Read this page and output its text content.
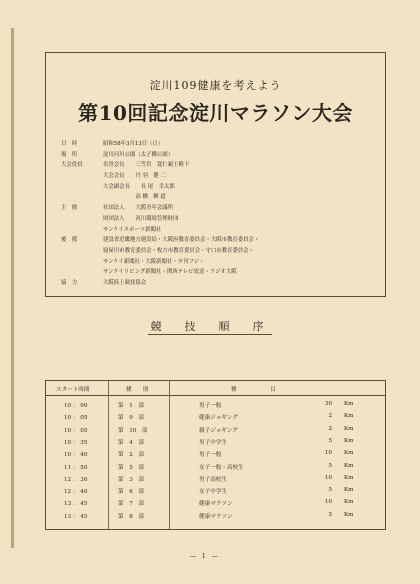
淀川109健康を考えよう
第10回記念淀川マラソン大会
日　時	昭和58年3月13日（日）
場　所	淀川河川公園（太子橋公園）
大会役員	名誉会長　　三笠宮　寬仁親王殿下
大会会長　　丹 羽　健 二
大会副会長　　長 尾　幸太郎
　　　　　　高 橋　輝 道
主　催	社団法人　　大阪青年会議所
財団法人　　河川環境管理財団
サンケイスポーツ新聞社
後　援	建設省近畿地方建設局・大阪府教育委員会・大阪市教育委員会・
寝屋川市教育委員会・枚方市教育委員会・守口市教育委員会・
サンケイ新聞社・大阪新聞社・夕刊フジ・
サンケイリビング新聞社・関西テレビ放送・ラジオ大阪
協　力	大阪陸上競技協会
競　技　順　序
スタート時間	種　　別	種　　　　　　目
10 ： 00	第　1　部	男子一般	30 Km
10 ： 05	第　9　部	健康ジョギング	2 Km
10 ： 05	第　10　部	親子ジョギング	2 Km
10 ： 35	第　4　部	男子中学生	5 Km
10 ： 40	第　2　部	男子一般	10 Km
11 ： 50	第　5　部	女子一般・高校生	5 Km
12 ： 30	第　3　部	男子高校生	10 Km
12 ： 40	第　6　部	女子中学生	5 Km
13 ： 45	第　7　部	健康マラソン	10 Km
13 ： 45	第　8　部	健康マラソン	5 Km
— 1 —
